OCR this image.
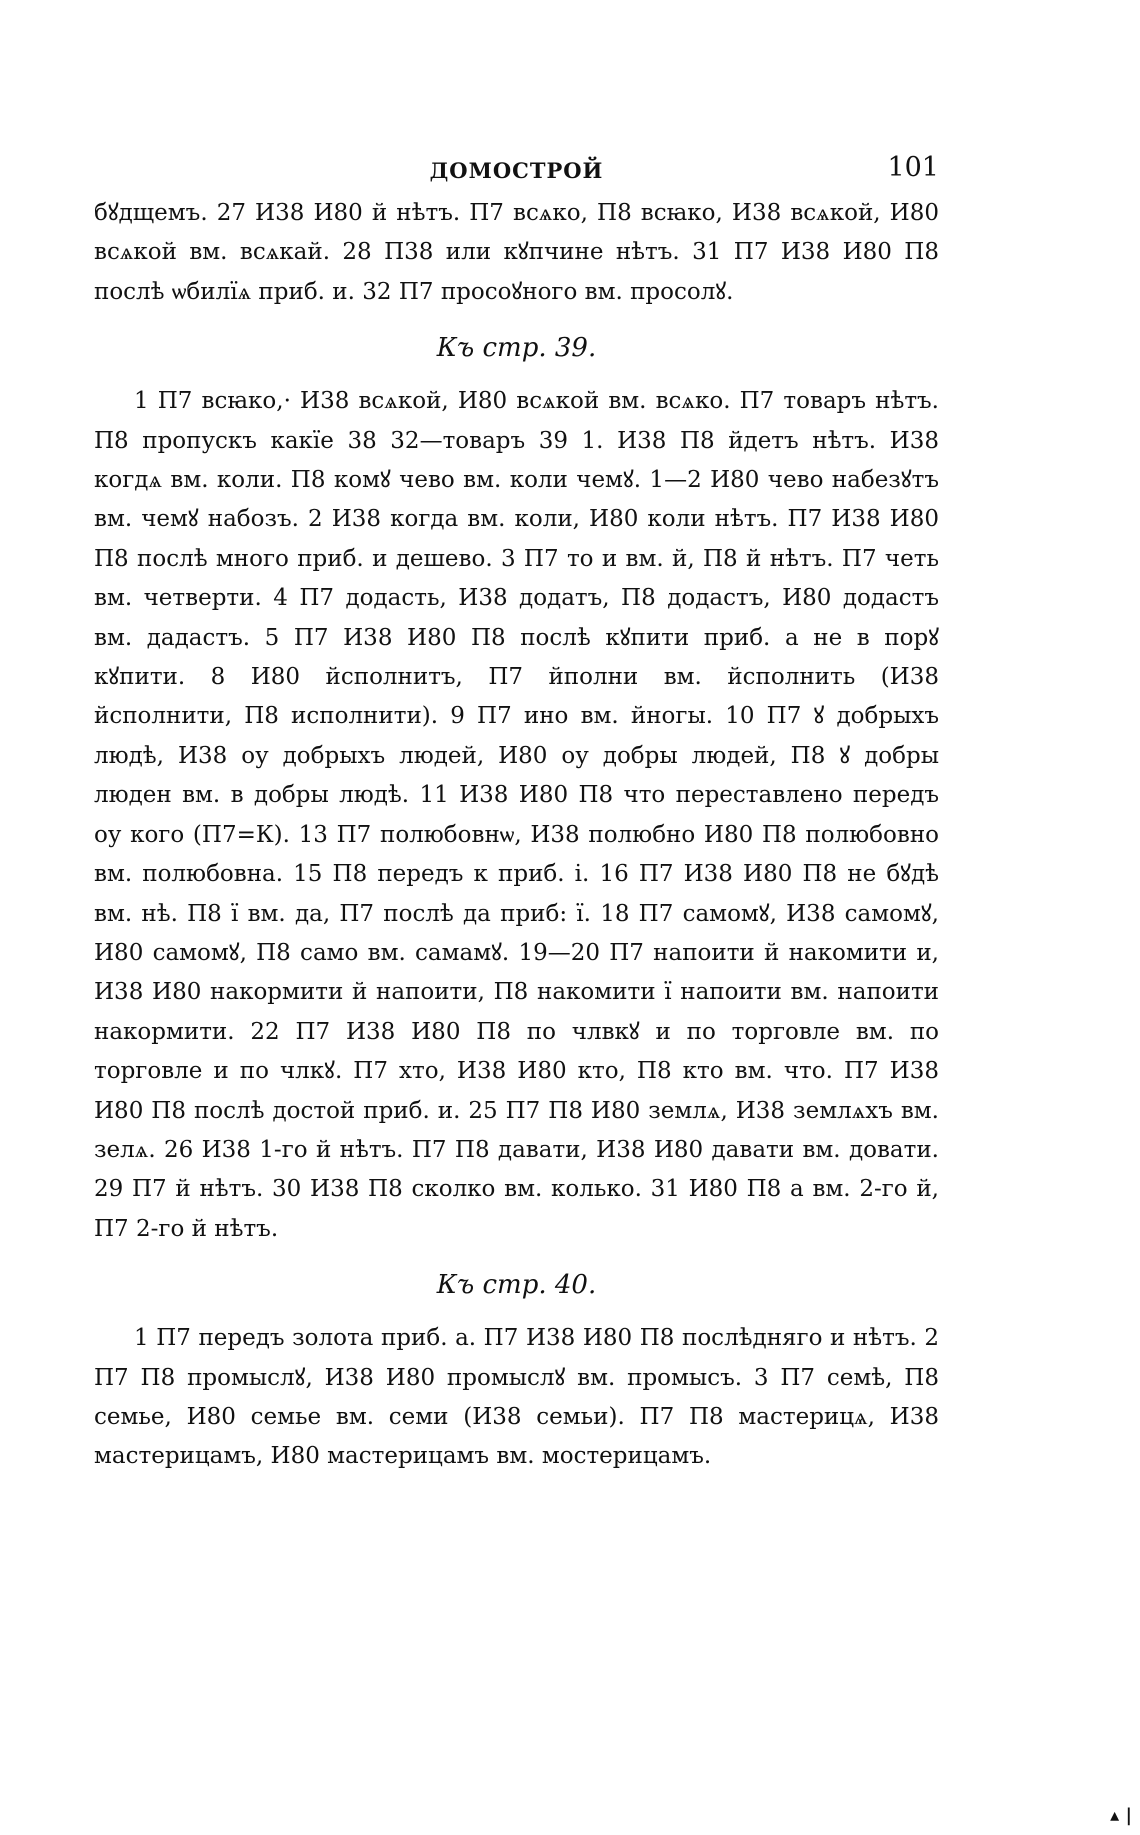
ДОМОСТРОЙ	101

бꙋдщемъ. 27 И38 И80 й нѣтъ. П7 всѧко, П8 всꙗко, И38 всѧкой, И80 всѧкой вм. всѧкай. 28 П38 или кꙋпчине нѣтъ. 31 П7 И38 И80 П8 послѣ ѡбилїѧ приб. и. 32 П7 просоꙋного вм. просолꙋ.

Къ стр. 39.

1 П7 всꙗко,· И38 всѧкой, И80 всѧкой вм. всѧко. П7 товаръ нѣтъ. П8 пропускъ какїе 38 32—товаръ 39 1. И38 П8 йдетъ нѣтъ. И38 когдѧ вм. коли. П8 комꙋ чево вм. коли чемꙋ. 1—2 И80 чево набезꙋтъ вм. чемꙋ набозъ. 2 И38 когда вм. коли, И80 коли нѣтъ. П7 И38 И80 П8 послѣ много приб. и дешево. 3 П7 то и вм. й, П8 й нѣтъ. П7 четь вм. четверти. 4 П7 додасть, И38 додатъ, П8 додастъ, И80 додастъ вм. дадастъ. 5 П7 И38 И80 П8 послѣ кꙋпити приб. а не в порꙋ кꙋпити. 8 И80 йсполнитъ, П7 йполни вм. йсполнить (И38 йсполнити, П8 исполнити). 9 П7 ино вм. йногы. 10 П7 ꙋ добрыхъ людѣ, И38 оу добрыхъ людей, И80 оу добры людей, П8 ꙋ добры люден вм. в добры людѣ. 11 И38 И80 П8 что переставлено передъ оу кого (П7=К). 13 П7 полюбовнѡ, И38 полюбно И80 П8 полюбовно вм. полюбовна. 15 П8 передъ к приб. і. 16 П7 И38 И80 П8 не бꙋдѣ вм. нѣ. П8 ї вм. да, П7 послѣ да приб: ї. 18 П7 самомꙋ, И38 самомꙋ, И80 самомꙋ, П8 само вм. самамꙋ. 19—20 П7 напоити й накомити и, И38 И80 накормити й напоити, П8 накомити ї напоити вм. напоити накормити. 22 П7 И38 И80 П8 по члвкꙋ и по торговле вм. по торговле и по члкꙋ. П7 хто, И38 И80 кто, П8 кто вм. что. П7 И38 И80 П8 послѣ достой приб. и. 25 П7 П8 И80 землѧ, И38 землѧхъ вм. зелѧ. 26 И38 1-го й нѣтъ. П7 П8 давати, И38 И80 давати вм. довати. 29 П7 й нѣтъ. 30 И38 П8 сколко вм. колько. 31 И80 П8 а вм. 2-го й, П7 2-го й нѣтъ.

Къ стр. 40.

1 П7 передъ золота приб. а. П7 И38 И80 П8 послѣдняго и нѣтъ. 2 П7 П8 промыслꙋ, И38 И80 промыслꙋ вм. промысъ. 3 П7 семѣ, П8 семье, И80 семье вм. семи (И38 семьи). П7 П8 мастерицѧ, И38 мастерицамъ, И80 мастерицамъ вм. мостерицамъ.

▴ |
